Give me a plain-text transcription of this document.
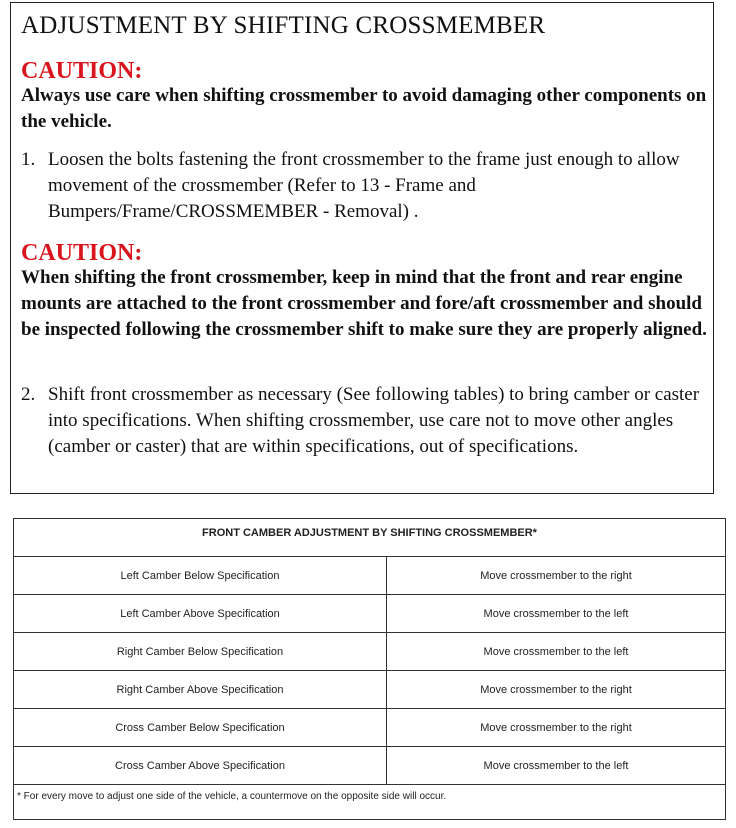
ADJUSTMENT BY SHIFTING CROSSMEMBER
CAUTION:
Always use care when shifting crossmember to avoid damaging other components on the vehicle.
1. Loosen the bolts fastening the front crossmember to the frame just enough to allow movement of the crossmember (Refer to 13 - Frame and Bumpers/Frame/CROSSMEMBER - Removal) .
CAUTION:
When shifting the front crossmember, keep in mind that the front and rear engine mounts are attached to the front crossmember and fore/aft crossmember and should be inspected following the crossmember shift to make sure they are properly aligned.
2. Shift front crossmember as necessary (See following tables) to bring camber or caster into specifications. When shifting crossmember, use care not to move other angles (camber or caster) that are within specifications, out of specifications.
FRONT CAMBER ADJUSTMENT BY SHIFTING CROSSMEMBER*
Left Camber Below Specification	Move crossmember to the right
Left Camber Above Specification	Move crossmember to the left
Right Camber Below Specification	Move crossmember to the left
Right Camber Above Specification	Move crossmember to the right
Cross Camber Below Specification	Move crossmember to the right
Cross Camber Above Specification	Move crossmember to the left
* For every move to adjust one side of the vehicle, a countermove on the opposite side will occur.
